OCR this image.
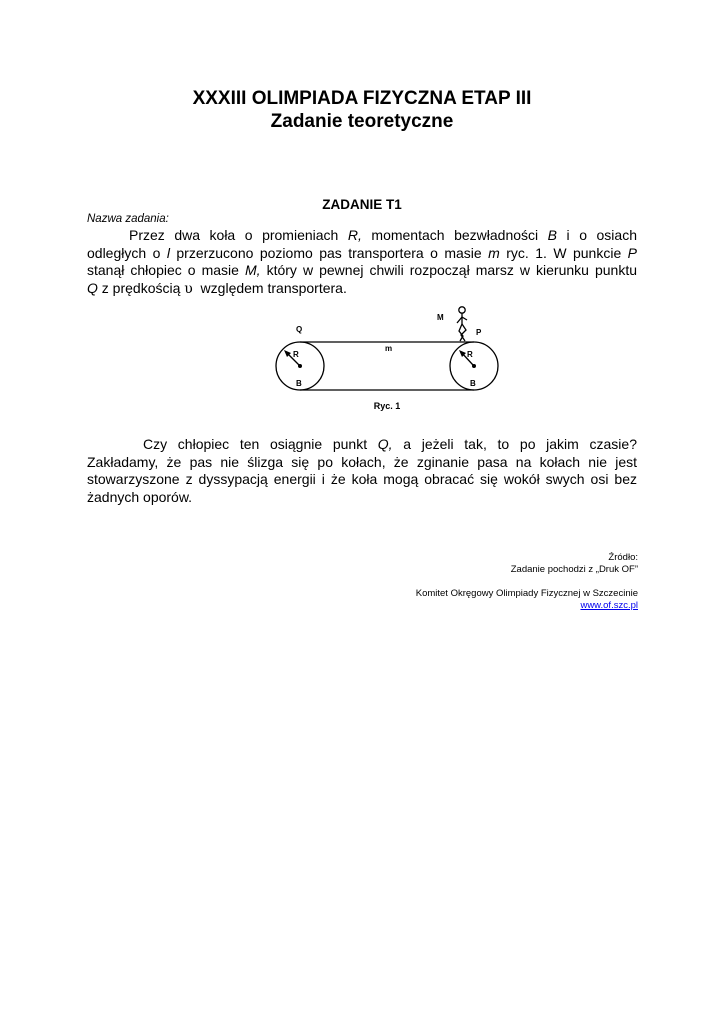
XXXIII OLIMPIADA FIZYCZNA ETAP III
Zadanie teoretyczne
ZADANIE T1
Nazwa zadania:
Przez dwa koła o promieniach R, momentach bezwładności B i o osiach
odległych o l przerzucono poziomo pas transportera o masie m ryc. 1. W punkcie P
stanął chłopiec o masie M, który w pewnej chwili rozpoczął marsz w kierunku punktu
Q z prędkością υ  względem transportera.
Q
R
B
m
M
P
R
B
Ryc. 1
Czy chłopiec ten osiągnie punkt Q, a jeżeli tak, to po jakim czasie?
Zakładamy, że pas nie ślizga się po kołach, że zginanie pasa na kołach nie jest
stowarzyszone z dyssypacją energii i że koła mogą obracać się wokół swych osi bez
żadnych oporów.
Źródło:
Zadanie pochodzi z „Druk OF”
Komitet Okręgowy Olimpiady Fizycznej w Szczecinie
www.of.szc.pl
